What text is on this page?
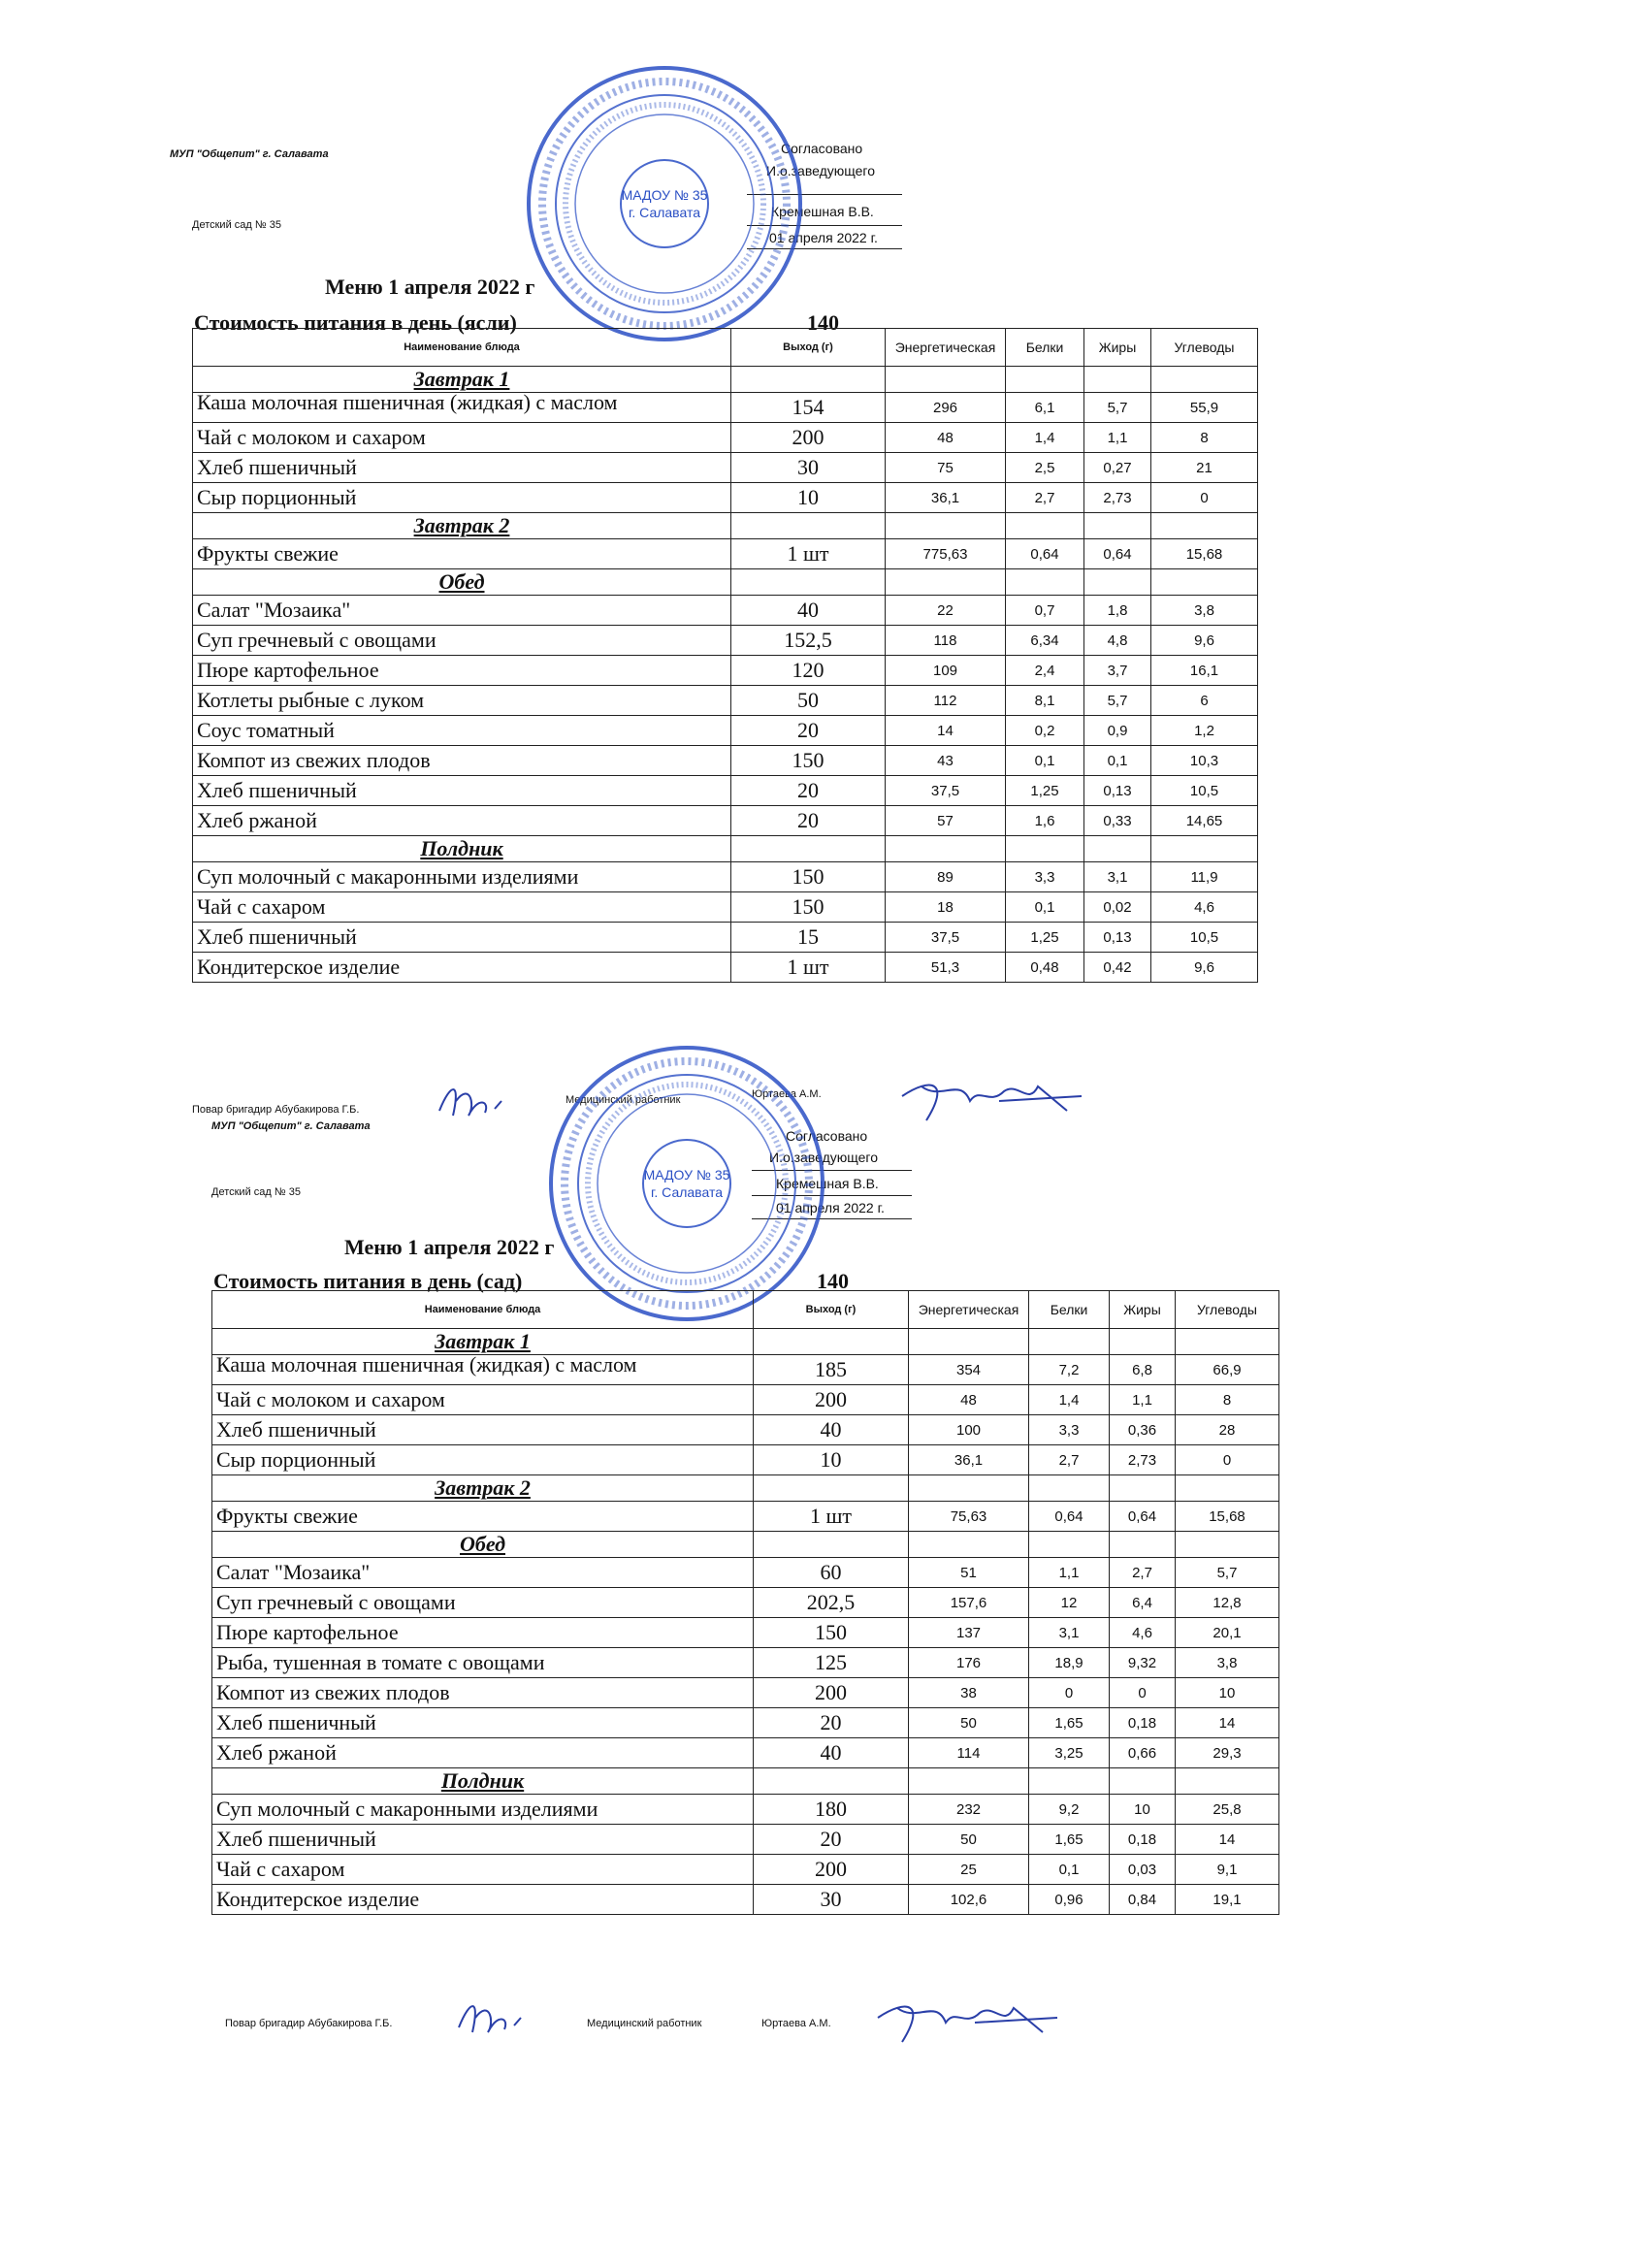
МУП "Общепит" г. Салавата
Детский сад № 35
Согласовано
И.о.заведующего
Кремешная В.В.
01 апреля 2022 г.
МАДОУ № 35
г. Салавата
Меню 1 апреля 2022 г
Стоимость питания в день (ясли)	140
Наименование блюда	Выход (г)	Энергетическая	Белки	Жиры	Углеводы
Завтрак 1					
Каша молочная пшеничная (жидкая) с маслом	154	296	6,1	5,7	55,9
Чай с молоком и сахаром	200	48	1,4	1,1	8
Хлеб пшеничный	30	75	2,5	0,27	21
Сыр порционный	10	36,1	2,7	2,73	0
Завтрак 2					
Фрукты свежие	1 шт	775,63	0,64	0,64	15,68
Обед					
Салат "Мозаика"	40	22	0,7	1,8	3,8
Суп гречневый с овощами	152,5	118	6,34	4,8	9,6
Пюре картофельное	120	109	2,4	3,7	16,1
Котлеты рыбные с луком	50	112	8,1	5,7	6
Соус томатный	20	14	0,2	0,9	1,2
Компот из свежих плодов	150	43	0,1	0,1	10,3
Хлеб пшеничный	20	37,5	1,25	0,13	10,5
Хлеб ржаной	20	57	1,6	0,33	14,65
Полдник					
Суп молочный с макаронными изделиями	150	89	3,3	3,1	11,9
Чай с сахаром	150	18	0,1	0,02	4,6
Хлеб пшеничный	15	37,5	1,25	0,13	10,5
Кондитерское изделие	1 шт	51,3	0,48	0,42	9,6
Повар бригадир Абубакирова Г.Б.
Медицинский работник	Юртаева А.М.
МУП "Общепит" г. Салавата
Детский сад № 35
Согласовано
И.о.заведующего
Кремешная В.В.
01 апреля 2022 г.
МАДОУ № 35
г. Салавата
Меню 1 апреля 2022 г
Стоимость питания в день (сад)	140
Наименование блюда	Выход (г)	Энергетическая	Белки	Жиры	Углеводы
Завтрак 1					
Каша молочная пшеничная (жидкая) с маслом	185	354	7,2	6,8	66,9
Чай с молоком и сахаром	200	48	1,4	1,1	8
Хлеб пшеничный	40	100	3,3	0,36	28
Сыр порционный	10	36,1	2,7	2,73	0
Завтрак 2					
Фрукты свежие	1 шт	75,63	0,64	0,64	15,68
Обед					
Салат "Мозаика"	60	51	1,1	2,7	5,7
Суп гречневый с овощами	202,5	157,6	12	6,4	12,8
Пюре картофельное	150	137	3,1	4,6	20,1
Рыба, тушенная в томате с овощами	125	176	18,9	9,32	3,8
Компот из свежих плодов	200	38	0	0	10
Хлеб пшеничный	20	50	1,65	0,18	14
Хлеб ржаной	40	114	3,25	0,66	29,3
Полдник					
Суп молочный с макаронными изделиями	180	232	9,2	10	25,8
Хлеб пшеничный	20	50	1,65	0,18	14
Чай с сахаром	200	25	0,1	0,03	9,1
Кондитерское изделие	30	102,6	0,96	0,84	19,1
Повар бригадир Абубакирова Г.Б.	Медицинский работник	Юртаева А.М.
